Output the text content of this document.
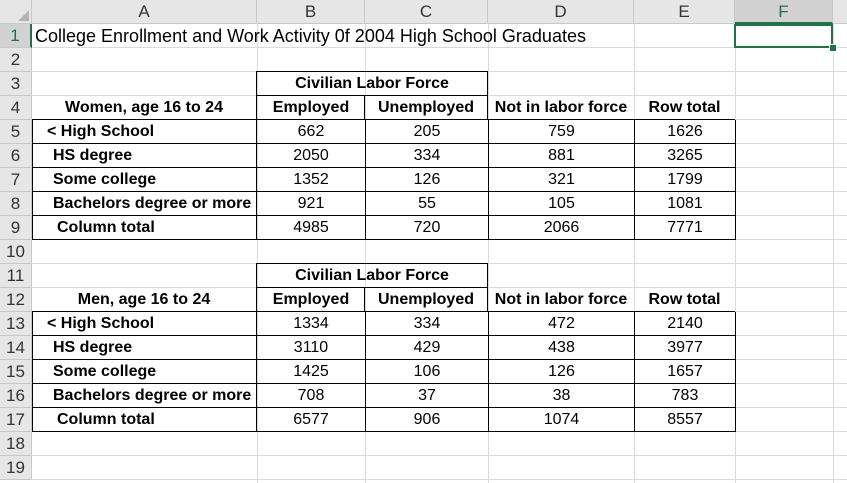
A	B	C	D	E	F
1
2
3
4
5
6
7
8
9
10
11
12
13
14
15
16
17
18
19
College Enrollment and Work Activity 0f 2004 High School Graduates
Civilian Labor Force
Women, age 16 to 24	Employed	Unemployed	Not in labor force	Row total
< High School	662	205	759	1626
HS degree	2050	334	881	3265
Some college	1352	126	321	1799
Bachelors degree or more	921	55	105	1081
Column total	4985	720	2066	7771
Civilian Labor Force
Men, age 16 to 24	Employed	Unemployed	Not in labor force	Row total
< High School	1334	334	472	2140
HS degree	3110	429	438	3977
Some college	1425	106	126	1657
Bachelors degree or more	708	37	38	783
Column total	6577	906	1074	8557
